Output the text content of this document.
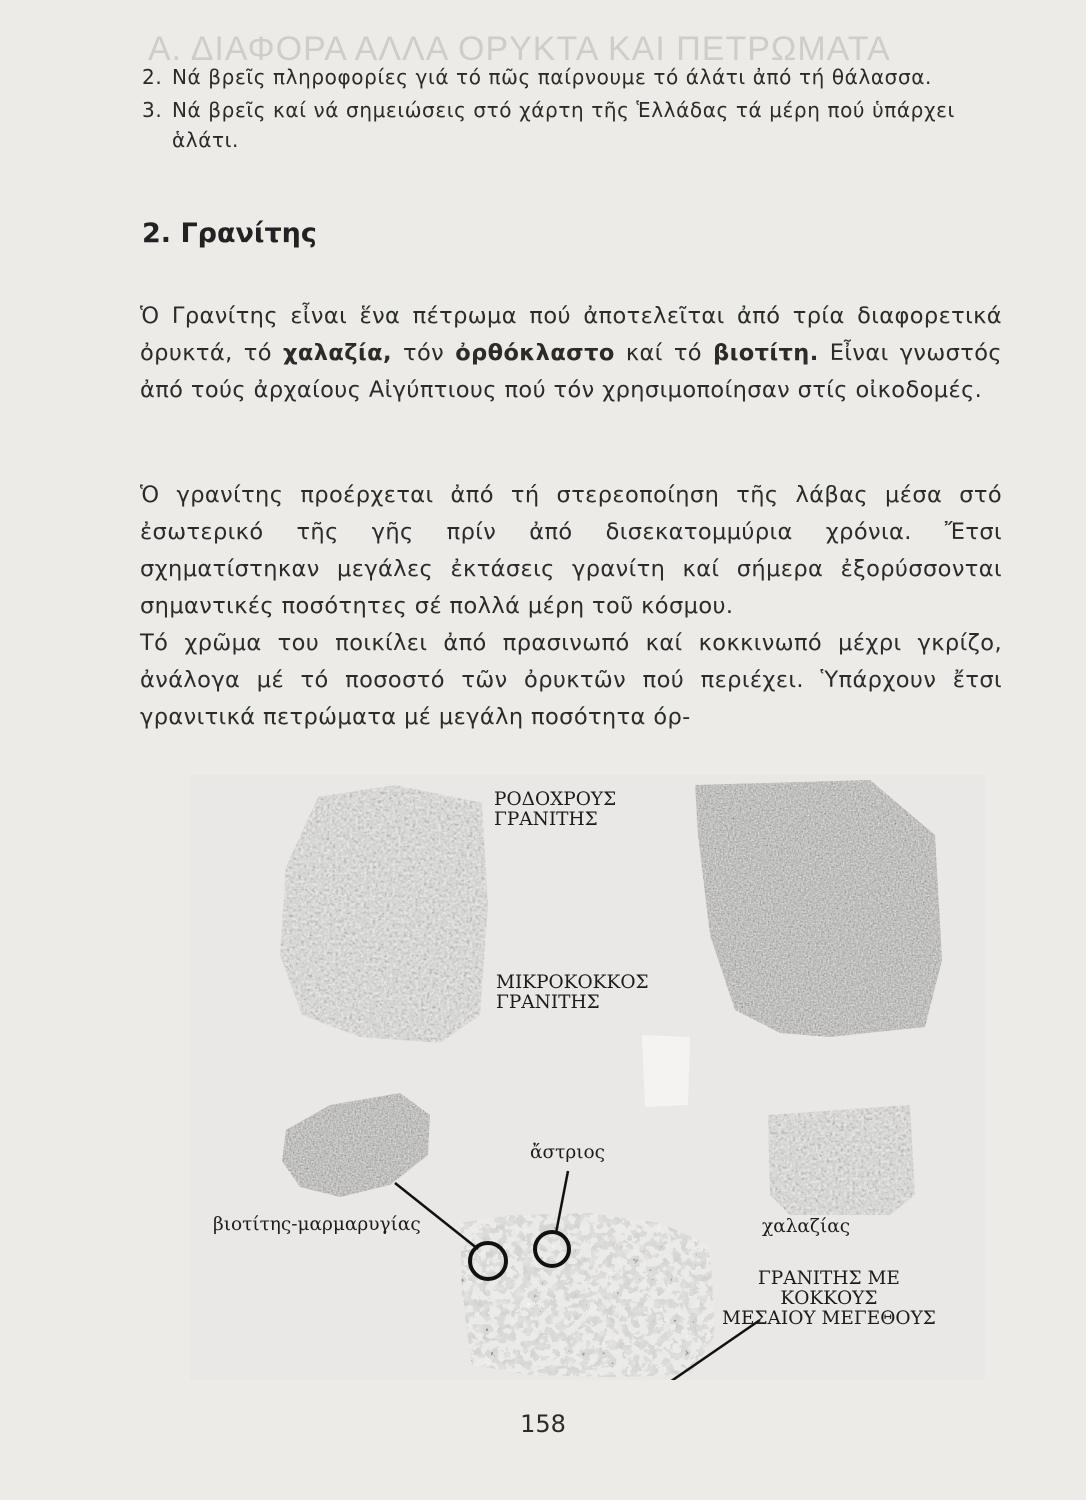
Α. ΔΙΑΦΟΡΑ ΑΛΛΑ ΟΡΥΚΤΑ ΚΑΙ ΠΕΤΡΩΜΑΤΑ
2. Νά βρεῖς πληροφορίες γιά τό πῶς παίρνουμε τό άλάτι ἀπό τή θάλασσα.
3. Νά βρεῖς καί νά σημειώσεις στό χάρτη τῆς Ἑλλάδας τά μέρη πού ὑπάρχει ἁλάτι.
2. Γρανίτης
Ὁ Γρανίτης εἶναι ἕνα πέτρωμα πού ἀποτελεῖται ἀπό τρία διαφορετικά ὀρυκτά, τό χαλαζία, τόν ὀρθόκλαστο καί τό βιοτίτη. Εἶναι γνωστός ἀπό τούς ἀρχαίους Αἰγύπτιους πού τόν χρησιμοποίησαν στίς οἰκοδομές.
Ὁ γρανίτης προέρχεται ἀπό τή στερεοποίηση τῆς λάβας μέσα στό ἐσωτερικό τῆς γῆς πρίν ἀπό δισεκατομμύρια χρόνια. Ἔτσι σχηματίστηκαν μεγάλες ἐκτάσεις γρανίτη καί σήμερα ἐξορύσσονται σημαντικές ποσότητες σέ πολλά μέρη τοῦ κόσμου.
Τό χρῶμα του ποικίλει ἀπό πρασινωπό καί κοκκινωπό μέχρι γκρίζο, ἀνάλογα μέ τό ποσοστό τῶν ὀρυκτῶν πού περιέχει. Ὑπάρχουν ἔτσι γρανιτικά πετρώματα μέ μεγάλη ποσότητα όρ-
ΡΟΔΟΧΡΟΥΣ
ΓΡΑΝΙΤΗΣ
ΜΙΚΡΟΚΟΚΚΟΣ
ΓΡΑΝΙΤΗΣ
ἄστριος
βιοτίτης-μαρμαρυγίας	χαλαζίας
ΓΡΑΝΙΤΗΣ ΜΕ
ΚΟΚΚΟΥΣ
ΜΕΣΑΙΟΥ ΜΕΓΕΘΟΥΣ
158
